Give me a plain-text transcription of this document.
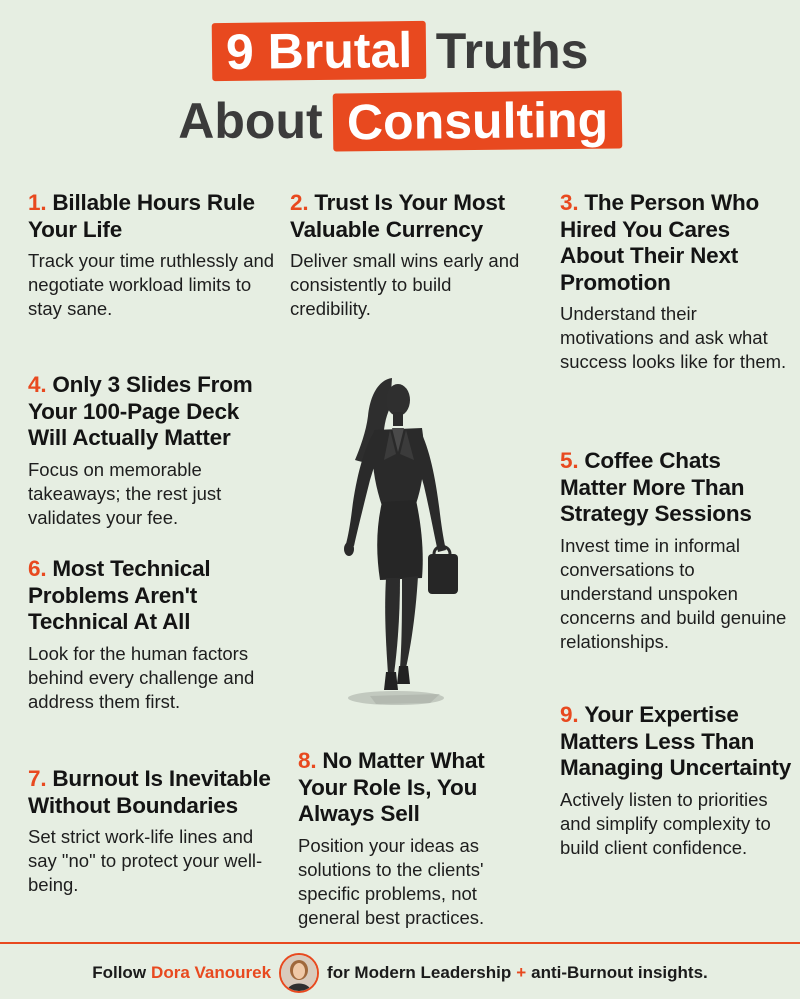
9 Brutal Truths
About Consulting
1. Billable Hours Rule Your Life

Track your time ruthlessly and negotiate workload limits to stay sane.

4. Only 3 Slides From Your 100-Page Deck Will Actually Matter

Focus on memorable takeaways; the rest just validates your fee.

6. Most Technical Problems Aren't Technical At All

Look for the human factors behind every challenge and address them first.

7. Burnout Is Inevitable Without Boundaries

Set strict work-life lines and say "no" to protect your well-being.

2. Trust Is Your Most Valuable Currency

Deliver small wins early and consistently to build credibility.

8. No Matter What Your Role Is, You Always Sell

Position your ideas as solutions to the clients' specific problems, not general best practices.

3. The Person Who Hired You Cares About Their Next Promotion

Understand their motivations and ask what success looks like for them.

5. Coffee Chats Matter More Than Strategy Sessions

Invest time in informal conversations to understand unspoken concerns and build genuine relationships.

9. Your Expertise Matters Less Than Managing Uncertainty

Actively listen to priorities and simplify complexity to build client confidence.

Follow Dora Vanourek	for Modern Leadership + anti-Burnout insights.
